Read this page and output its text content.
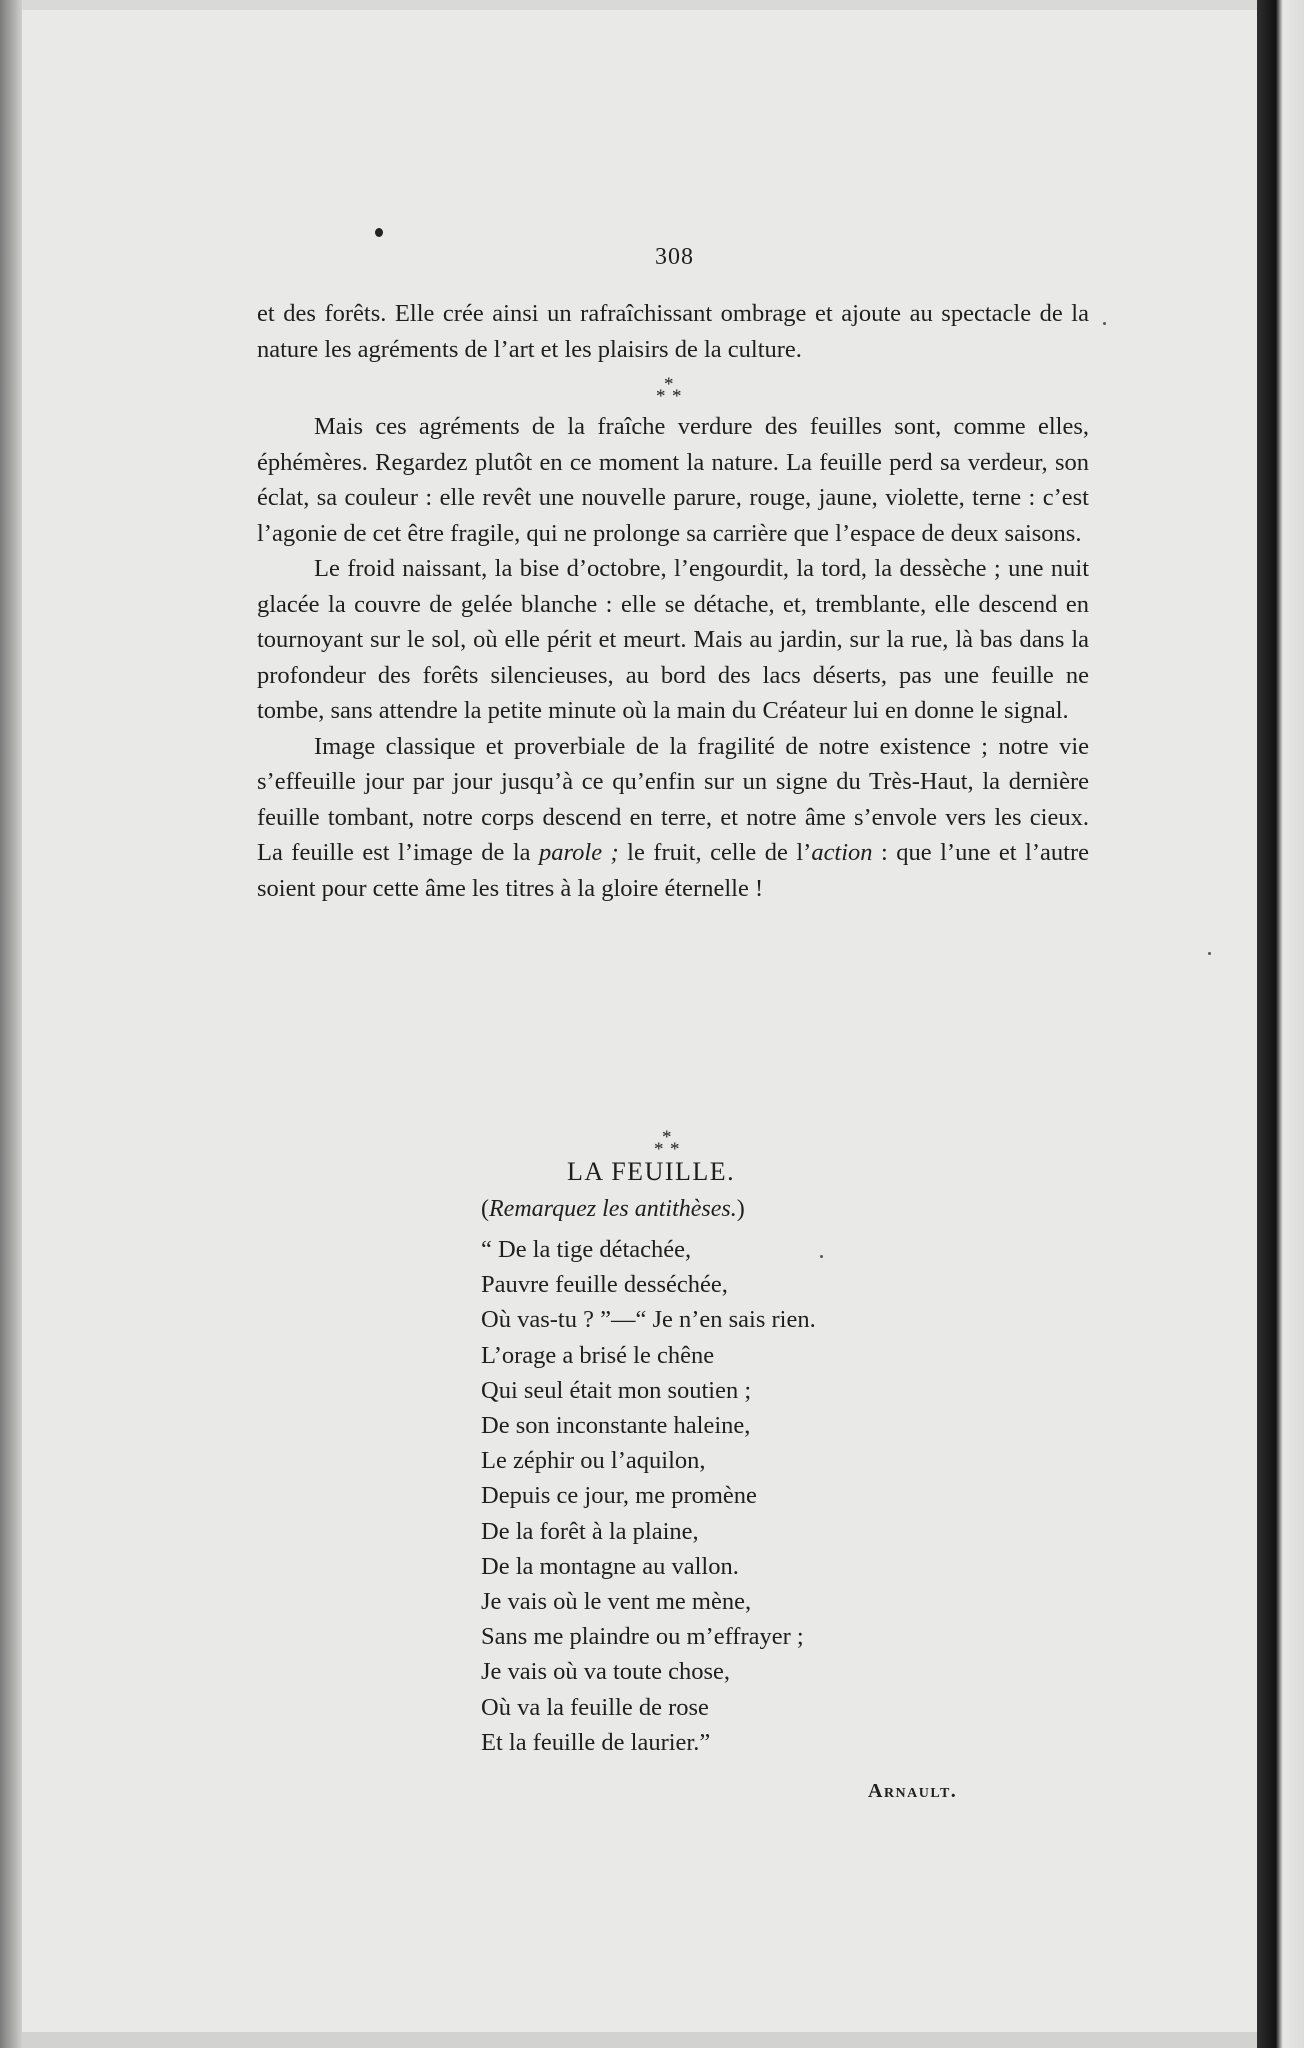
308

et des forêts. Elle crée ainsi un rafraîchissant ombrage et ajoute au spectacle de la nature les agréments de l’art et les plaisirs de la culture.

*
* *

Mais ces agréments de la fraîche verdure des feuilles sont, comme elles, éphémères. Regardez plutôt en ce moment la nature. La feuille perd sa verdeur, son éclat, sa couleur : elle revêt une nouvelle parure, rouge, jaune, violette, terne : c’est l’agonie de cet être fragile, qui ne prolonge sa carrière que l’espace de deux saisons.

Le froid naissant, la bise d’octobre, l’engourdit, la tord, la dessèche ; une nuit glacée la couvre de gelée blanche : elle se détache, et, tremblante, elle descend en tournoyant sur le sol, où elle périt et meurt. Mais au jardin, sur la rue, là bas dans la profondeur des forêts silencieuses, au bord des lacs déserts, pas une feuille ne tombe, sans attendre la petite minute où la main du Créateur lui en donne le signal.

Image classique et proverbiale de la fragilité de notre existence ; notre vie s’effeuille jour par jour jusqu’à ce qu’enfin sur un signe du Très-Haut, la dernière feuille tombant, notre corps descend en terre, et notre âme s’envole vers les cieux. La feuille est l’image de la parole ; le fruit, celle de l’action : que l’une et l’autre soient pour cette âme les titres à la gloire éternelle !

*
* *
LA FEUILLE.
(Remarquez les antithèses.)
“ De la tige détachée,
Pauvre feuille desséchée,
Où vas-tu ? ”—“ Je n’en sais rien.
L’orage a brisé le chêne
Qui seul était mon soutien ;
De son inconstante haleine,
Le zéphir ou l’aquilon,
Depuis ce jour, me promène
De la forêt à la plaine,
De la montagne au vallon.
Je vais où le vent me mène,
Sans me plaindre ou m’effrayer ;
Je vais où va toute chose,
Où va la feuille de rose
Et la feuille de laurier.”
Arnault.
